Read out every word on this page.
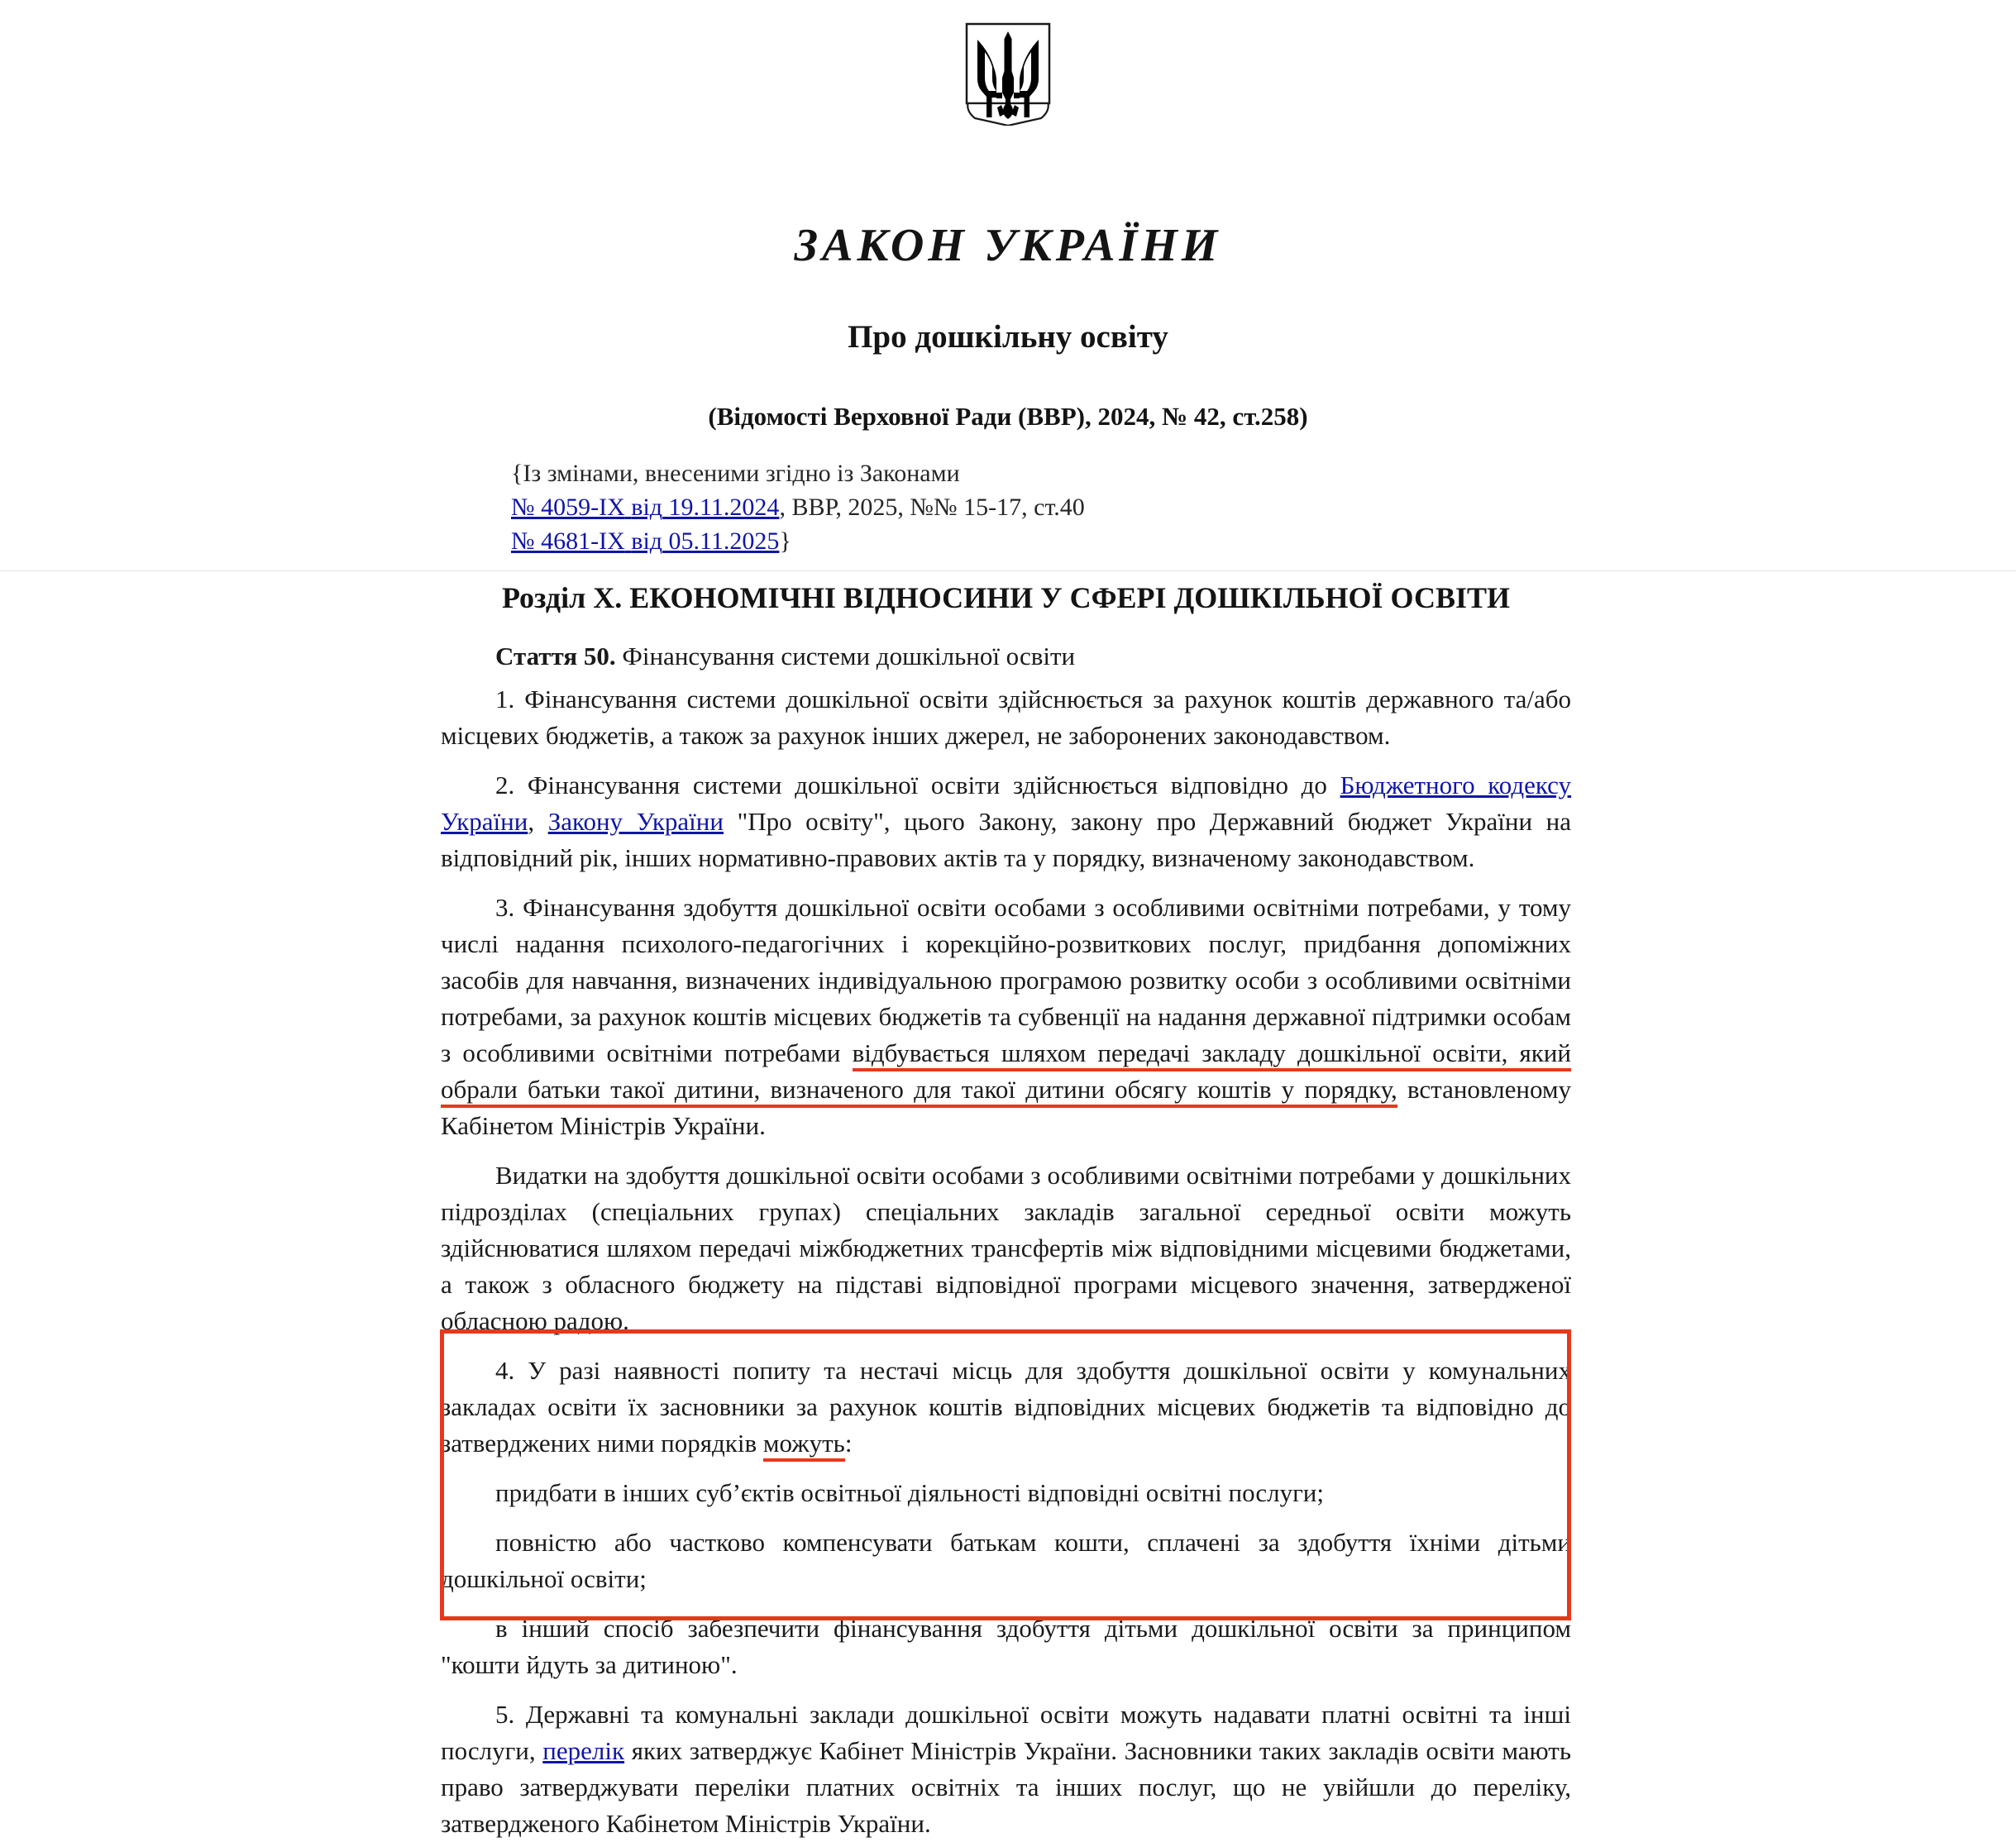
ЗАКОН УКРАЇНИ
Про дошкільну освіту
(Відомості Верховної Ради (ВВР), 2024, № 42, ст.258)
{Із змінами, внесеними згідно із Законами
№ 4059-IX від 19.11.2024, ВВР, 2025, №№ 15-17, ст.40
№ 4681-IX від 05.11.2025}
Розділ X. ЕКОНОМІЧНІ ВІДНОСИНИ У СФЕРІ ДОШКІЛЬНОЇ ОСВІТИ
Стаття 50. Фінансування системи дошкільної освіти

1. Фінансування системи дошкільної освіти здійснюється за рахунок коштів державного та/або місцевих бюджетів, а також за рахунок інших джерел, не заборонених законодавством.

2. Фінансування системи дошкільної освіти здійснюється відповідно до Бюджетного кодексу України, Закону України "Про освіту", цього Закону, закону про Державний бюджет України на відповідний рік, інших нормативно-правових актів та у порядку, визначеному законодавством.

3. Фінансування здобуття дошкільної освіти особами з особливими освітніми потребами, у тому числі надання психолого-педагогічних і корекційно-розвиткових послуг, придбання допоміжних засобів для навчання, визначених індивідуальною програмою розвитку особи з особливими освітніми потребами, за рахунок коштів місцевих бюджетів та субвенції на надання державної підтримки особам з особливими освітніми потребами відбувається шляхом передачі закладу дошкільної освіти, який обрали батьки такої дитини, визначеного для такої дитини обсягу коштів у порядку, встановленому Кабінетом Міністрів України.

Видатки на здобуття дошкільної освіти особами з особливими освітніми потребами у дошкільних підрозділах (спеціальних групах) спеціальних закладів загальної середньої освіти можуть здійснюватися шляхом передачі міжбюджетних трансфертів між відповідними місцевими бюджетами, а також з обласного бюджету на підставі відповідної програми місцевого значення, затвердженої обласною радою.

4. У разі наявності попиту та нестачі місць для здобуття дошкільної освіти у комунальних закладах освіти їх засновники за рахунок коштів відповідних місцевих бюджетів та відповідно до затверджених ними порядків можуть:

придбати в інших суб’єктів освітньої діяльності відповідні освітні послуги;

повністю або частково компенсувати батькам кошти, сплачені за здобуття їхніми дітьми дошкільної освіти;

в інший спосіб забезпечити фінансування здобуття дітьми дошкільної освіти за принципом "кошти йдуть за дитиною".

5. Державні та комунальні заклади дошкільної освіти можуть надавати платні освітні та інші послуги, перелік яких затверджує Кабінет Міністрів України. Засновники таких закладів освіти мають право затверджувати переліки платних освітніх та інших послуг, що не увійшли до переліку, затвердженого Кабінетом Міністрів України.
